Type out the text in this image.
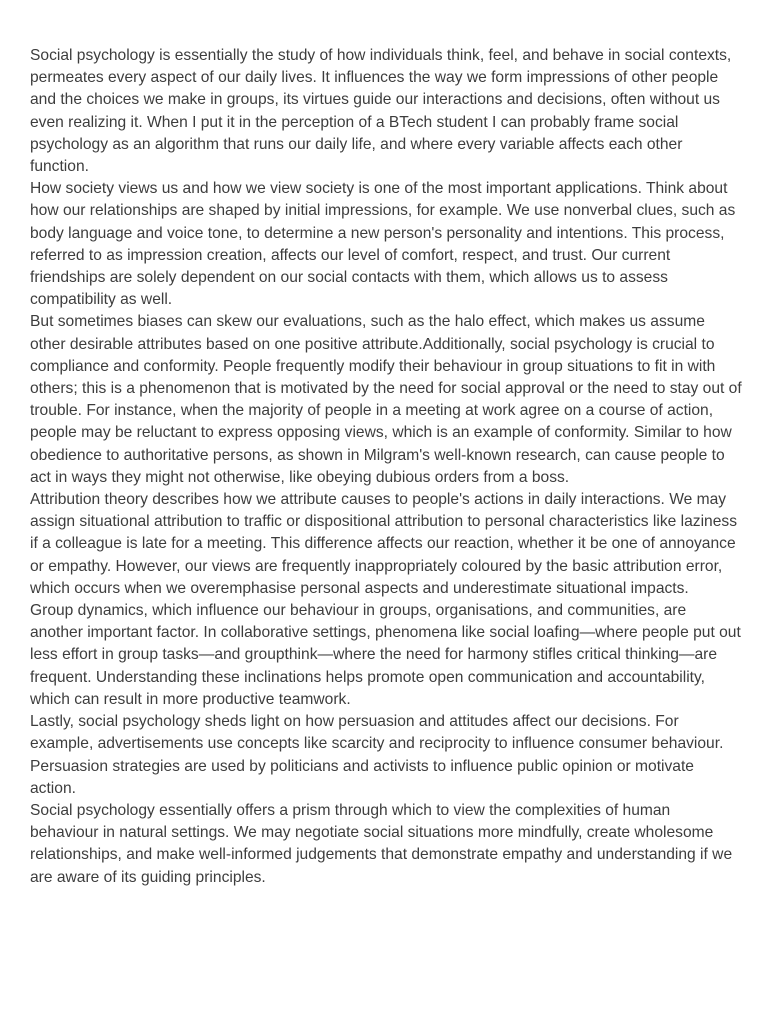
Social psychology is essentially the study of how individuals think, feel, and behave in social contexts, permeates every aspect of our daily lives. It influences the way we form impressions of other people and the choices we make in groups, its virtues guide our interactions and decisions, often without us even realizing it. When I put it in the perception of a BTech student I can probably frame social psychology as an algorithm that runs our daily life, and where every variable affects each other function.

How society views us and how we view society is one of the most important applications. Think about how our relationships are shaped by initial impressions, for example. We use nonverbal clues, such as body language and voice tone, to determine a new person's personality and intentions. This process, referred to as impression creation, affects our level of comfort, respect, and trust. Our current friendships are solely dependent on our social contacts with them, which allows us to assess compatibility as well.

But sometimes biases can skew our evaluations, such as the halo effect, which makes us assume other desirable attributes based on one positive attribute.Additionally, social psychology is crucial to compliance and conformity. People frequently modify their behaviour in group situations to fit in with others; this is a phenomenon that is motivated by the need for social approval or the need to stay out of trouble. For instance, when the majority of people in a meeting at work agree on a course of action, people may be reluctant to express opposing views, which is an example of conformity. Similar to how obedience to authoritative persons, as shown in Milgram's well-known research, can cause people to act in ways they might not otherwise, like obeying dubious orders from a boss.

Attribution theory describes how we attribute causes to people's actions in daily interactions. We may assign situational attribution to traffic or dispositional attribution to personal characteristics like laziness if a colleague is late for a meeting. This difference affects our reaction, whether it be one of annoyance or empathy. However, our views are frequently inappropriately coloured by the basic attribution error, which occurs when we overemphasise personal aspects and underestimate situational impacts.

Group dynamics, which influence our behaviour in groups, organisations, and communities, are another important factor. In collaborative settings, phenomena like social loafing—where people put out less effort in group tasks—and groupthink—where the need for harmony stifles critical thinking—are frequent. Understanding these inclinations helps promote open communication and accountability, which can result in more productive teamwork.

Lastly, social psychology sheds light on how persuasion and attitudes affect our decisions. For example, advertisements use concepts like scarcity and reciprocity to influence consumer behaviour. Persuasion strategies are used by politicians and activists to influence public opinion or motivate action.

Social psychology essentially offers a prism through which to view the complexities of human behaviour in natural settings. We may negotiate social situations more mindfully, create wholesome relationships, and make well-informed judgements that demonstrate empathy and understanding if we are aware of its guiding principles.
